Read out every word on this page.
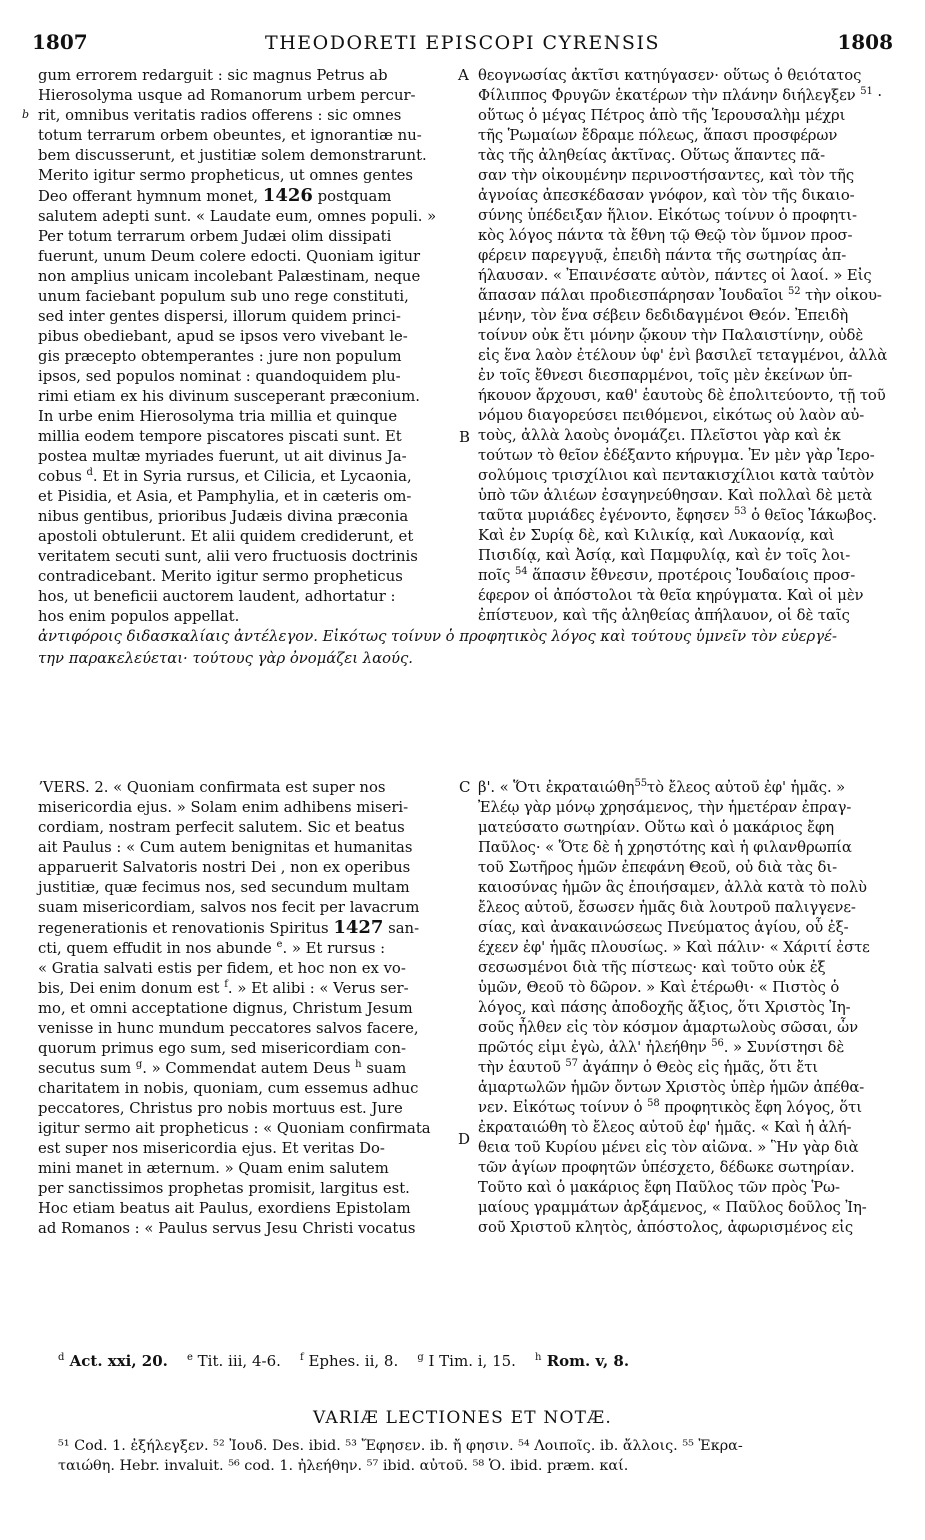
1807	THEODORETI EPISCOPI CYRENSIS	1808
b
A
B
C
D

gum errorem redarguit : sic magnus Petrus ab

Hierosolyma usque ad Romanorum urbem percur-

rit, omnibus veritatis radios offerens : sic omnes

totum terrarum orbem obeuntes, et ignorantiæ nu-

bem discusserunt, et justitiæ solem demonstrarunt.

Merito igitur sermo propheticus, ut omnes gentes

Deo offerant hymnum monet, 1426 postquam

salutem adepti sunt. « Laudate eum, omnes populi. »

Per totum terrarum orbem Judæi olim dissipati

fuerunt, unum Deum colere edocti. Quoniam igitur

non amplius unicam incolebant Palæstinam, neque

unum faciebant populum sub uno rege constituti,

sed inter gentes dispersi, illorum quidem princi-

pibus obediebant, apud se ipsos vero vivebant le-

gis præcepto obtemperantes : jure non populum

ipsos, sed populos nominat : quandoquidem plu-

rimi etiam ex his divinum susceperant præconium.

In urbe enim Hierosolyma tria millia et quinque

millia eodem tempore piscatores piscati sunt. Et

postea multæ myriades fuerunt, ut ait divinus Ja-

cobus $^d$. Et in Syria rursus, et Cilicia, et Lycaonia,

et Pisidia, et Asia, et Pamphylia, et in cæteris om-

nibus gentibus, prioribus Judæis divina præconia

apostoli obtulerunt. Et alii quidem crediderunt, et

veritatem secuti sunt, alii vero fructuosis doctrinis

contradicebant. Merito igitur sermo propheticus

hos, ut beneficii auctorem laudent, adhortatur :

hos enim populos appellat.

θεογνωσίας ἀκτῖσι κατηύγασεν· οὕτως ὁ θειότατος

Φίλιππος Φρυγῶν ἑκατέρων τὴν πλάνην διήλεγξεν $^{51}$ ·

οὕτως ὁ μέγας Πέτρος ἀπὸ τῆς Ἱερουσαλὴμ μέχρι

τῆς Ῥωμαίων ἔδραμε πόλεως, ἅπασι προσφέρων

τὰς τῆς ἀληθείας ἀκτῖνας. Οὕτως ἅπαντες πᾶ-

σαν τὴν οἰκουμένην περινοστήσαντες, καὶ τὸν τῆς

ἀγνοίας ἀπεσκέδασαν γνόφον, καὶ τὸν τῆς δικαιο-

σύνης ὑπέδειξαν ἥλιον. Εἰκότως τοίνυν ὁ προφητι-

κὸς λόγος πάντα τὰ ἔθνη τῷ Θεῷ τὸν ὕμνον προσ-

φέρειν παρεγγυᾷ, ἐπειδὴ πάντα τῆς σωτηρίας ἀπ-

ήλαυσαν. « Ἐπαινέσατε αὐτὸν, πάντες οἱ λαοί. » Εἰς

ἅπασαν πάλαι προδιεσπάρησαν Ἰουδαῖοι $^{52}$ τὴν οἰκου-

μένην, τὸν ἕνα σέβειν δεδιδαγμένοι Θεόν. Ἐπειδὴ

τοίνυν οὐκ ἔτι μόνην ᾤκουν τὴν Παλαιστίνην, οὐδὲ

εἰς ἕνα λαὸν ἐτέλουν ὑφ' ἑνὶ βασιλεῖ τεταγμένοι, ἀλλὰ

ἐν τοῖς ἔθνεσι διεσπαρμένοι, τοῖς μὲν ἐκείνων ὑπ-

ήκουον ἄρχουσι, καθ' ἑαυτοὺς δὲ ἐπολιτεύοντο, τῇ τοῦ

νόμου διαγορεύσει πειθόμενοι, εἰκότως οὐ λαὸν αὐ-

τοὺς, ἀλλὰ λαοὺς ὀνομάζει. Πλεῖστοι γὰρ καὶ ἐκ

τούτων τὸ θεῖον ἐδέξαντο κήρυγμα. Ἐν μὲν γὰρ Ἱερο-

σολύμοις τρισχίλιοι καὶ πεντακισχίλιοι κατὰ ταὐτὸν

ὑπὸ τῶν ἁλιέων ἐσαγηνεύθησαν. Καὶ πολλαὶ δὲ μετὰ

ταῦτα μυριάδες ἐγένοντο, ἔφησεν $^{53}$ ὁ θεῖος Ἰάκωβος.

Καὶ ἐν Συρίᾳ δὲ, καὶ Κιλικίᾳ, καὶ Λυκαονίᾳ, καὶ

Πισιδίᾳ, καὶ Ἀσίᾳ, καὶ Παμφυλίᾳ, καὶ ἐν τοῖς λοι-

ποῖς $^{54}$ ἅπασιν ἔθνεσιν, προτέροις Ἰουδαίοις προσ-

έφερον οἱ ἀπόστολοι τὰ θεῖα κηρύγματα. Καὶ οἱ μὲν

ἐπίστευον, καὶ τῆς ἀληθείας ἀπήλαυον, οἱ δὲ ταῖς

ἀντιφόροις διδασκαλίαις ἀντέλεγον. Εἰκότως τοίνυν ὁ προφητικὸς λόγος καὶ τούτους ὑμνεῖν τὸν εὐεργέ-
την παρακελεύεται· τούτους γὰρ ὀνομάζει λαούς.

ʼVERS. 2. « Quoniam confirmata est super nos

misericordia ejus. » Solam enim adhibens miseri-

cordiam, nostram perfecit salutem. Sic et beatus

ait Paulus : « Cum autem benignitas et humanitas

apparuerit Salvatoris nostri Dei , non ex operibus

justitiæ, quæ fecimus nos, sed secundum multam

suam misericordiam, salvos nos fecit per lavacrum

regenerationis et renovationis Spiritus 1427 san-

cti, quem effudit in nos abunde $^e$. » Et rursus :

« Gratia salvati estis per fidem, et hoc non ex vo-

bis, Dei enim donum est $^f$. » Et alibi : « Verus ser-

mo, et omni acceptatione dignus, Christum Jesum

venisse in hunc mundum peccatores salvos facere,

quorum primus ego sum, sed misericordiam con-

secutus sum $^g$. » Commendat autem Deus $^h$ suam

charitatem in nobis, quoniam, cum essemus adhuc

peccatores, Christus pro nobis mortuus est. Jure

igitur sermo ait propheticus : « Quoniam confirmata

est super nos misericordia ejus. Et veritas Do-

mini manet in æternum. » Quam enim salutem

per sanctissimos prophetas promisit, largitus est.

Hoc etiam beatus ait Paulus, exordiens Epistolam

ad Romanos : « Paulus servus Jesu Christi vocatus

β'. « Ὅτι ἐκραταιώθη$^{55}$τὸ ἔλεος αὐτοῦ ἐφ' ἡμᾶς. »

Ἐλέῳ γὰρ μόνῳ χρησάμενος, τὴν ἡμετέραν ἐπραγ-

ματεύσατο σωτηρίαν. Οὕτω καὶ ὁ μακάριος ἔφη

Παῦλος· « Ὅτε δὲ ἡ χρηστότης καὶ ἡ φιλανθρωπία

τοῦ Σωτῆρος ἡμῶν ἐπεφάνη Θεοῦ, οὐ διὰ τὰς δι-

καιοσύνας ἡμῶν ἃς ἐποιήσαμεν, ἀλλὰ κατὰ τὸ πολὺ

ἔλεος αὐτοῦ, ἔσωσεν ἡμᾶς διὰ λουτροῦ παλιγγενε-

σίας, καὶ ἀνακαινώσεως Πνεύματος ἁγίου, οὗ ἐξ-

έχεεν ἐφ' ἡμᾶς πλουσίως. » Καὶ πάλιν· « Χάριτί ἐστε

σεσωσμένοι διὰ τῆς πίστεως· καὶ τοῦτο οὐκ ἐξ

ὑμῶν, Θεοῦ τὸ δῶρον. » Καὶ ἑτέρωθι· « Πιστὸς ὁ

λόγος, καὶ πάσης ἀποδοχῆς ἄξιος, ὅτι Χριστὸς Ἰη-

σοῦς ἦλθεν εἰς τὸν κόσμον ἁμαρτωλοὺς σῶσαι, ὧν

πρῶτός εἰμι ἐγὼ, ἀλλ' ἠλεήθην $^{56}$. » Συνίστησι δὲ

τὴν ἑαυτοῦ $^{57}$ ἀγάπην ὁ Θεὸς εἰς ἡμᾶς, ὅτι ἔτι

ἁμαρτωλῶν ἡμῶν ὄντων Χριστὸς ὑπὲρ ἡμῶν ἀπέθα-

νεν. Εἰκότως τοίνυν ὁ $^{58}$ προφητικὸς ἔφη λόγος, ὅτι

ἐκραταιώθη τὸ ἔλεος αὐτοῦ ἐφ' ἡμᾶς. « Καὶ ἡ ἀλή-

θεια τοῦ Κυρίου μένει εἰς τὸν αἰῶνα. » Ἣν γὰρ διὰ

τῶν ἁγίων προφητῶν ὑπέσχετο, δέδωκε σωτηρίαν.

Τοῦτο καὶ ὁ μακάριος ἔφη Παῦλος τῶν πρὸς Ῥω-

μαίους γραμμάτων ἀρξάμενος, « Παῦλος δοῦλος Ἰη-

σοῦ Χριστοῦ κλητὸς, ἀπόστολος, ἀφωρισμένος εἰς

$^d$ Act. xxi, 20. $^e$ Tit. iii, 4-6. $^f$ Ephes. ii, 8. $^g$ I Tim. i, 15. $^h$ Rom. v, 8.
VARIÆ LECTIONES ET NOTÆ.
⁵¹ Cod. 1. ἐξήλεγξεν. ⁵² Ἰουδ. Des. ibid. ⁵³ Ἔφησεν. ib. ἤ φησιν. ⁵⁴ Λοιποῖς. ib. ἄλλοις. ⁵⁵ Ἐκρα-
ταιώθη. Hebr. invaluit. ⁵⁶ cod. 1. ἠλεήθην. ⁵⁷ ibid. αὐτοῦ. ⁵⁸ Ὁ. ibid. præm. καί.
